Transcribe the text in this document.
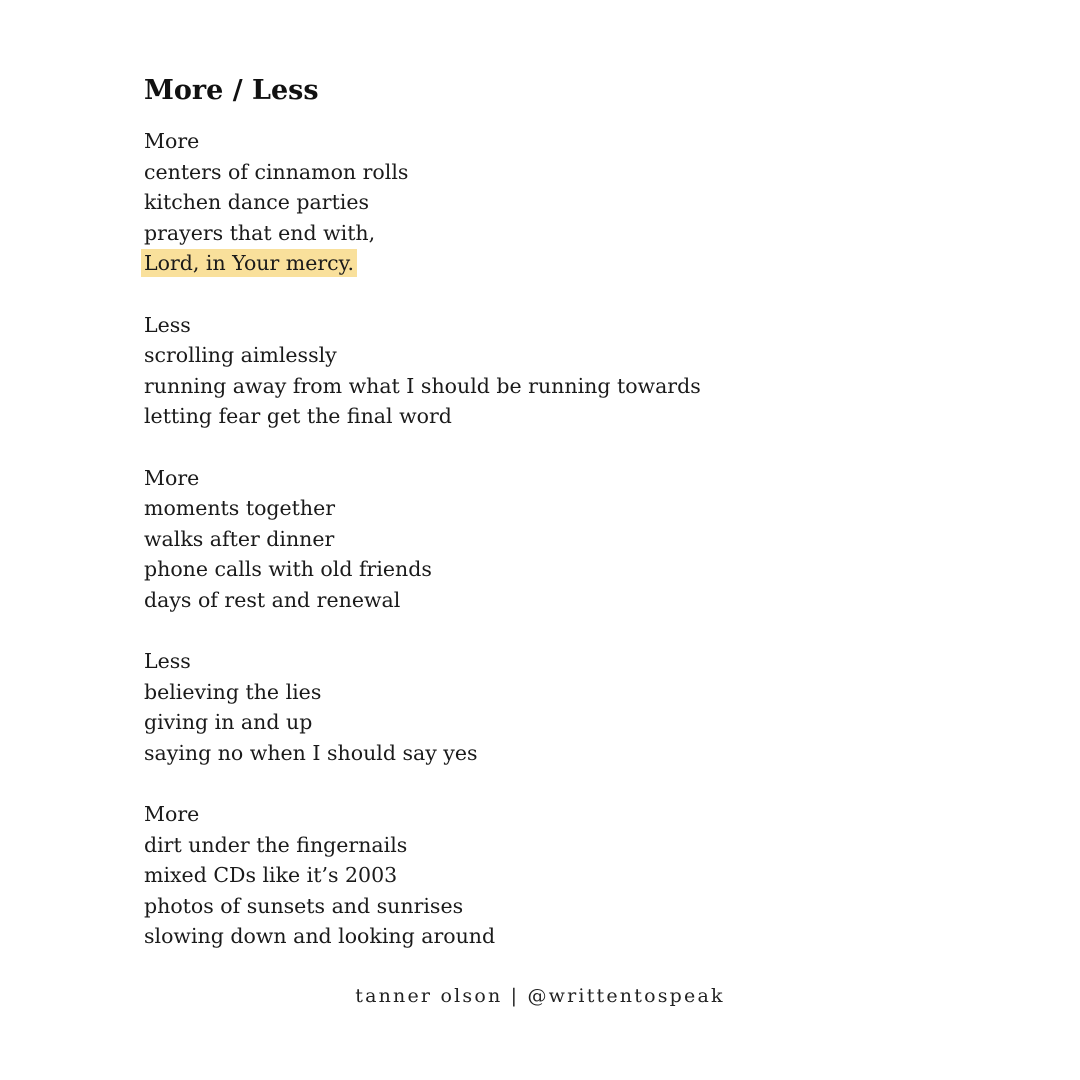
More / Less
More
centers of cinnamon rolls
kitchen dance parties
prayers that end with,
Lord, in Your mercy.
Less
scrolling aimlessly
running away from what I should be running towards
letting fear get the final word
More
moments together
walks after dinner
phone calls with old friends
days of rest and renewal
Less
believing the lies
giving in and up
saying no when I should say yes
More
dirt under the fingernails
mixed CDs like it’s 2003
photos of sunsets and sunrises
slowing down and looking around
tanner olson | @writtentospeak
